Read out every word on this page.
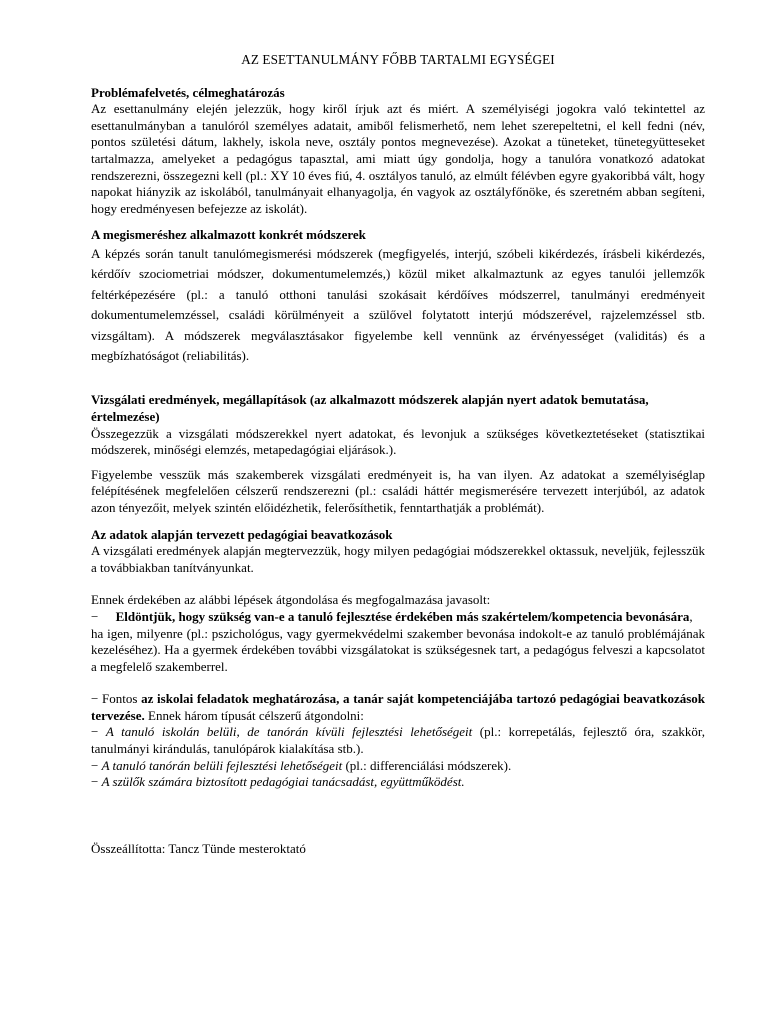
AZ ESETTANULMÁNY FŐBB TARTALMI EGYSÉGEI
Problémafelvetés, célmeghatározás

Az esettanulmány elején jelezzük, hogy kiről írjuk azt és miért. A személyiségi jogokra való tekintettel az esettanulmányban a tanulóról személyes adatait, amiből felismerhető, nem lehet szerepeltetni, el kell fedni (név, pontos születési dátum, lakhely, iskola neve, osztály pontos megnevezése). Azokat a tüneteket, tünetegyütteseket tartalmazza, amelyeket a pedagógus tapasztal, ami miatt úgy gondolja, hogy a tanulóra vonatkozó adatokat rendszerezni, összegezni kell (pl.: XY 10 éves fiú, 4. osztályos tanuló, az elmúlt félévben egyre gyakoribbá vált, hogy napokat hiányzik az iskolából, tanulmányait elhanyagolja, én vagyok az osztályfőnöke, és szeretném abban segíteni, hogy eredményesen befejezze az iskolát).

A megismeréshez alkalmazott konkrét módszerek

A képzés során tanult tanulómegismerési módszerek (megfigyelés, interjú, szóbeli kikérdezés, írásbeli kikérdezés, kérdőív szociometriai módszer, dokumentumelemzés,) közül miket alkalmaztunk az egyes tanulói jellemzők feltérképezésére (pl.: a tanuló otthoni tanulási szokásait kérdőíves módszerrel, tanulmányi eredményeit dokumentumelemzéssel, családi körülményeit a szülővel folytatott interjú módszerével, rajzelemzéssel stb. vizsgáltam). A módszerek megválasztásakor figyelembe kell vennünk az érvényességet (validitás) és a megbízhatóságot (reliabilitás).

Vizsgálati eredmények, megállapítások (az alkalmazott módszerek alapján nyert adatok bemutatása, értelmezése)

Összegezzük a vizsgálati módszerekkel nyert adatokat, és levonjuk a szükséges következtetéseket (statisztikai módszerek, minőségi elemzés, metapedagógiai eljárások.).

Figyelembe vesszük más szakemberek vizsgálati eredményeit is, ha van ilyen. Az adatokat a személyiséglap felépítésének megfelelően célszerű rendszerezni (pl.: családi háttér megismerésére tervezett interjúból, az adatok azon tényezőit, melyek szintén előidézhetik, felerősíthetik, fenntarthatják a problémát).

Az adatok alapján tervezett pedagógiai beavatkozások

A vizsgálati eredmények alapján megtervezzük, hogy milyen pedagógiai módszerekkel oktassuk, neveljük, fejlesszük a továbbiakban tanítványunkat.

Ennek érdekében az alábbi lépések átgondolása és megfogalmazása javasolt:

− Eldöntjük, hogy szükség van-e a tanuló fejlesztése érdekében más szakértelem/kompetencia bevonására,

ha igen, milyenre (pl.: pszichológus, vagy gyermekvédelmi szakember bevonása indokolt-e az tanuló problémájának kezeléséhez). Ha a gyermek érdekében további vizsgálatokat is szükségesnek tart, a pedagógus felveszi a kapcsolatot a megfelelő szakemberrel.

− Fontos az iskolai feladatok meghatározása, a tanár saját kompetenciájába tartozó pedagógiai beavatkozások tervezése. Ennek három típusát célszerű átgondolni:

− A tanuló iskolán belüli, de tanórán kívüli fejlesztési lehetőségeit (pl.: korrepetálás, fejlesztő óra, szakkör, tanulmányi kirándulás, tanulópárok kialakítása stb.).

− A tanuló tanórán belüli fejlesztési lehetőségeit (pl.: differenciálási módszerek).

− A szülők számára biztosított pedagógiai tanácsadást, együttműködést.

Összeállította: Tancz Tünde mesteroktató
